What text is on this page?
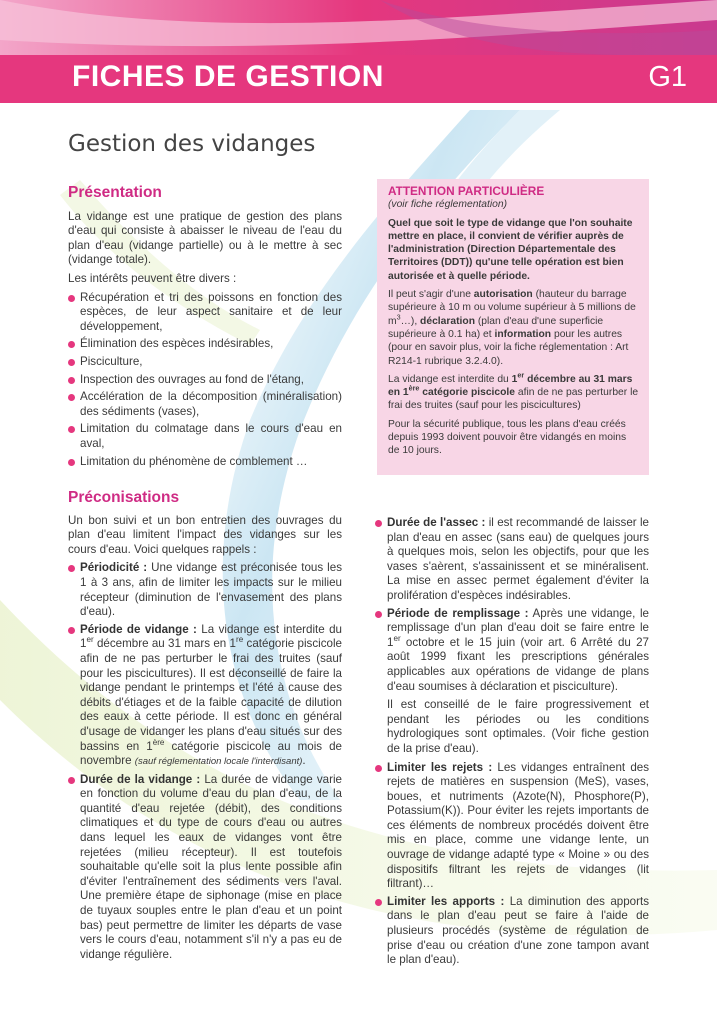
FICHES DE GESTION	G1
Gestion des vidanges
Présentation

La vidange est une pratique de gestion des plans d'eau qui consiste à abaisser le niveau de l'eau du plan d'eau (vidange partielle) ou à le mettre à sec (vidange totale).

Les intérêts peuvent être divers :

Récupération et tri des poissons en fonction des espèces, de leur aspect sanitaire et de leur développement,
Élimination des espèces indésirables,
Pisciculture,
Inspection des ouvrages au fond de l'étang,
Accélération de la décomposition (minéralisation) des sédiments (vases),
Limitation du colmatage dans le cours d'eau en aval,
Limitation du phénomène de comblement …
ATTENTION PARTICULIÈRE
(voir fiche réglementation)

Quel que soit le type de vidange que l'on souhaite mettre en place, il convient de vérifier auprès de l'administration (Direction Départementale des Territoires (DDT)) qu'une telle opération est bien autorisée et à quelle période.

Il peut s'agir d'une autorisation (hauteur du barrage supérieure à 10 m ou volume supérieur à 5 millions de $m^3\dots$), déclaration (plan d'eau d'une superficie supérieure à 0.1 ha) et information pour les autres (pour en savoir plus, voir la fiche réglementation : Art R214-1 rubrique 3.2.4.0).

La vidange est interdite du 1er décembre au 31 mars en 1ère catégorie piscicole afin de ne pas perturber le frai des truites (sauf pour les piscicultures)

Pour la sécurité publique, tous les plans d'eau créés depuis 1993 doivent pouvoir être vidangés en moins de 10 jours.

Préconisations

Un bon suivi et un bon entretien des ouvrages du plan d'eau limitent l'impact des vidanges sur les cours d'eau. Voici quelques rappels :

Périodicité : Une vidange est préconisée tous les 1 à 3 ans, afin de limiter les impacts sur le milieu récepteur (diminution de l'envasement des plans d'eau).
Période de vidange : La vidange est interdite du 1er décembre au 31 mars en 1re catégorie piscicole afin de ne pas perturber le frai des truites (sauf pour les piscicultures). Il est déconseillé de faire la vidange pendant le printemps et l'été à cause des débits d'étiages et de la faible capacité de dilution des eaux à cette période. Il est donc en général d'usage de vidanger les plans d'eau situés sur des bassins en 1ère catégorie piscicole au mois de novembre (sauf réglementation locale l'interdisant).
Durée de la vidange : La durée de vidange varie en fonction du volume d'eau du plan d'eau, de la quantité d'eau rejetée (débit), des conditions climatiques et du type de cours d'eau ou autres dans lequel les eaux de vidanges vont être rejetées (milieu récepteur). Il est toutefois souhaitable qu'elle soit la plus lente possible afin d'éviter l'entraînement des sédiments vers l'aval. Une première étape de siphonage (mise en place de tuyaux souples entre le plan d'eau et un point bas) peut permettre de limiter les départs de vase vers le cours d'eau, notamment s'il n'y a pas eu de vidange régulière.
Durée de l'assec : il est recommandé de laisser le plan d'eau en assec (sans eau) de quelques jours à quelques mois, selon les objectifs, pour que les vases s'aèrent, s'assainissent et se minéralisent. La mise en assec permet également d'éviter la prolifération d'espèces indésirables.
Période de remplissage : Après une vidange, le remplissage d'un plan d'eau doit se faire entre le 1er octobre et le 15 juin (voir art. 6 Arrêté du 27 août 1999 fixant les prescriptions générales applicables aux opérations de vidange de plans d'eau soumises à déclaration et pisciculture).

Il est conseillé de le faire progressivement et pendant les périodes ou les conditions hydrologiques sont optimales. (Voir fiche gestion de la prise d'eau).

Limiter les rejets : Les vidanges entraînent des rejets de matières en suspension (MeS), vases, boues, et nutriments (Azote(N), Phosphore(P), Potassium(K)). Pour éviter les rejets importants de ces éléments de nombreux procédés doivent être mis en place, comme une vidange lente, un ouvrage de vidange adapté type « Moine » ou des dispositifs filtrant les rejets de vidanges (lit filtrant)…
Limiter les apports : La diminution des apports dans le plan d'eau peut se faire à l'aide de plusieurs procédés (système de régulation de prise d'eau ou création d'une zone tampon avant le plan d'eau).
